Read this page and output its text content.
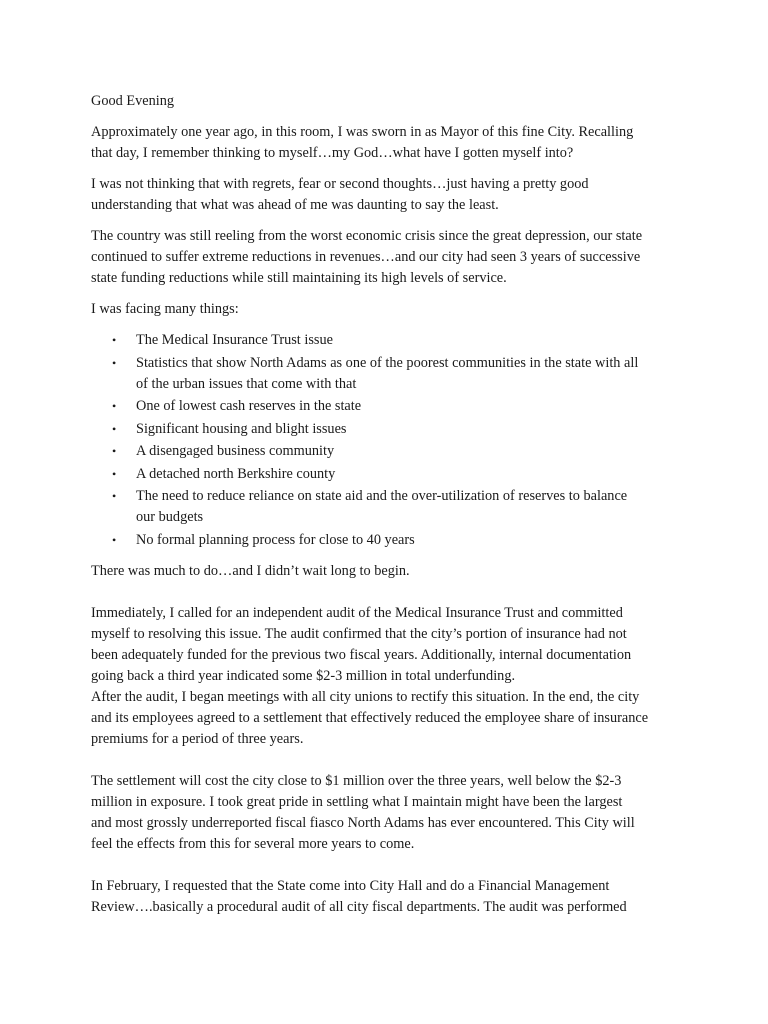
Good Evening

Approximately one year ago, in this room, I was sworn in as Mayor of this fine City. Recalling
that day, I remember thinking to myself…my God…what have I gotten myself into?

I was not thinking that with regrets, fear or second thoughts…just having a pretty good
understanding that what was ahead of me was daunting to say the least.

The country was still reeling from the worst economic crisis since the great depression, our state
continued to suffer extreme reductions in revenues…and our city had seen 3 years of successive
state funding reductions while still maintaining its high levels of service.

I was facing many things:

• The Medical Insurance Trust issue
• Statistics that show North Adams as one of the poorest communities in the state with all
of the urban issues that come with that
• One of lowest cash reserves in the state
• Significant housing and blight issues
• A disengaged business community
• A detached north Berkshire county
• The need to reduce reliance on state aid and the over-utilization of reserves to balance
our budgets
• No formal planning process for close to 40 years

There was much to do…and I didn’t wait long to begin.

Immediately, I called for an independent audit of the Medical Insurance Trust and committed
myself to resolving this issue. The audit confirmed that the city’s portion of insurance had not
been adequately funded for the previous two fiscal years. Additionally, internal documentation
going back a third year indicated some $2-3 million in total underfunding.

After the audit, I began meetings with all city unions to rectify this situation. In the end, the city
and its employees agreed to a settlement that effectively reduced the employee share of insurance
premiums for a period of three years.

The settlement will cost the city close to $1 million over the three years, well below the $2-3
million in exposure. I took great pride in settling what I maintain might have been the largest
and most grossly underreported fiscal fiasco North Adams has ever encountered. This City will
feel the effects from this for several more years to come.

In February, I requested that the State come into City Hall and do a Financial Management
Review….basically a procedural audit of all city fiscal departments. The audit was performed
